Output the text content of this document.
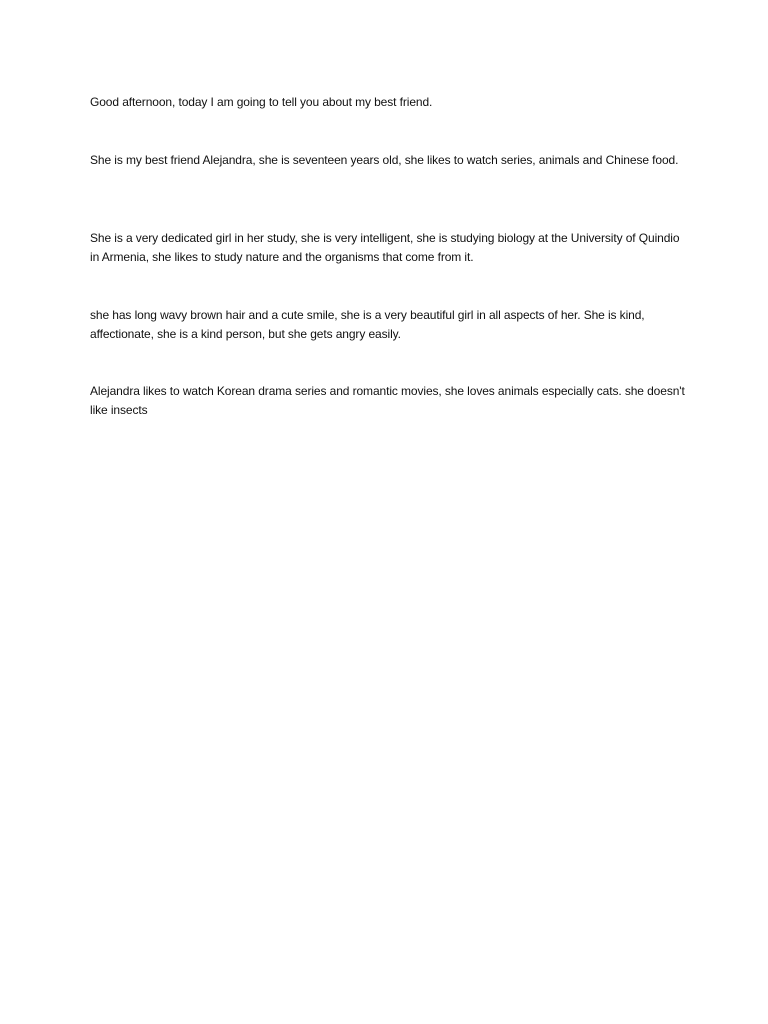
Good afternoon, today I am going to tell you about my best friend.

She is my best friend Alejandra, she is seventeen years old, she likes to watch series, animals and Chinese food.

She is a very dedicated girl in her study, she is very intelligent, she is studying biology at the University of Quindio in Armenia, she likes to study nature and the organisms that come from it.

she has long wavy brown hair and a cute smile, she is a very beautiful girl in all aspects of her. She is kind, affectionate, she is a kind person, but she gets angry easily.

Alejandra likes to watch Korean drama series and romantic movies, she loves animals especially cats. she doesn't like insects
